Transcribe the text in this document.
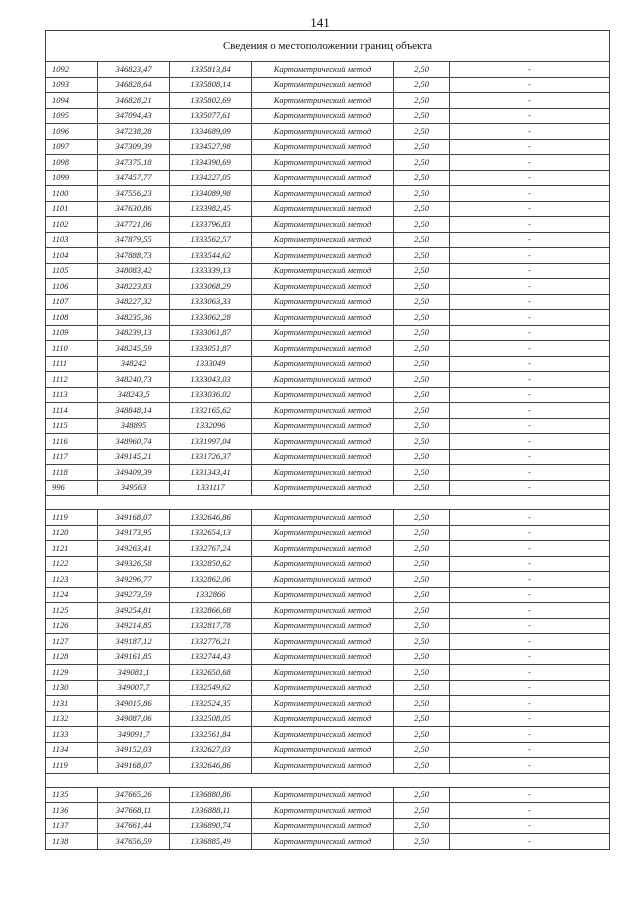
141
Сведения о местоположении границ объекта					
1092	346823,47	1335813,84	Картометрический метод	2,50	-
1093	346828,64	1335808,14	Картометрический метод	2,50	-
1094	346828,21	1335802,69	Картометрический метод	2,50	-
1095	347094,43	1335077,61	Картометрический метод	2,50	-
1096	347238,28	1334689,09	Картометрический метод	2,50	-
1097	347309,39	1334527,98	Картометрический метод	2,50	-
1098	347375,18	1334390,69	Картометрический метод	2,50	-
1099	347457,77	1334227,05	Картометрический метод	2,50	-
1100	347556,23	1334089,98	Картометрический метод	2,50	-
1101	347630,86	1333982,45	Картометрический метод	2,50	-
1102	347721,06	1333796,83	Картометрический метод	2,50	-
1103	347879,55	1333562,57	Картометрический метод	2,50	-
1104	347888,73	1333544,62	Картометрический метод	2,50	-
1105	348083,42	1333339,13	Картометрический метод	2,50	-
1106	348223,83	1333068,29	Картометрический метод	2,50	-
1107	348227,32	1333063,33	Картометрический метод	2,50	-
1108	348235,36	1333062,28	Картометрический метод	2,50	-
1109	348239,13	1333061,87	Картометрический метод	2,50	-
1110	348245,59	1333051,87	Картометрический метод	2,50	-
1111	348242	1333049	Картометрический метод	2,50	-
1112	348240,73	1333043,03	Картометрический метод	2,50	-
1113	348243,5	1333036,02	Картометрический метод	2,50	-
1114	348848,14	1332165,62	Картометрический метод	2,50	-
1115	348895	1332096	Картометрический метод	2,50	-
1116	348960,74	1331997,04	Картометрический метод	2,50	-
1117	349145,21	1331726,37	Картометрический метод	2,50	-
1118	349409,39	1331343,41	Картометрический метод	2,50	-
996	349563	1331117	Картометрический метод	2,50	-

1119	349168,07	1332646,86	Картометрический метод	2,50	-
1120	349173,95	1332654,13	Картометрический метод	2,50	-
1121	349263,41	1332767,24	Картометрический метод	2,50	-
1122	349326,58	1332850,62	Картометрический метод	2,50	-
1123	349296,77	1332862,06	Картометрический метод	2,50	-
1124	349273,59	1332866	Картометрический метод	2,50	-
1125	349254,81	1332866,68	Картометрический метод	2,50	-
1126	349214,85	1332817,78	Картометрический метод	2,50	-
1127	349187,12	1332776,21	Картометрический метод	2,50	-
1128	349161,85	1332744,43	Картометрический метод	2,50	-
1129	349081,1	1332650,68	Картометрический метод	2,50	-
1130	349007,7	1332549,62	Картометрический метод	2,50	-
1131	349015,86	1332524,35	Картометрический метод	2,50	-
1132	349087,06	1332508,05	Картометрический метод	2,50	-
1133	349091,7	1332561,84	Картометрический метод	2,50	-
1134	349152,03	1332627,03	Картометрический метод	2,50	-
1119	349168,07	1332646,86	Картометрический метод	2,50	-

1135	347665,26	1336880,86	Картометрический метод	2,50	-
1136	347668,11	1336888,11	Картометрический метод	2,50	-
1137	347661,44	1336890,74	Картометрический метод	2,50	-
1138	347656,59	1336885,49	Картометрический метод	2,50	-
